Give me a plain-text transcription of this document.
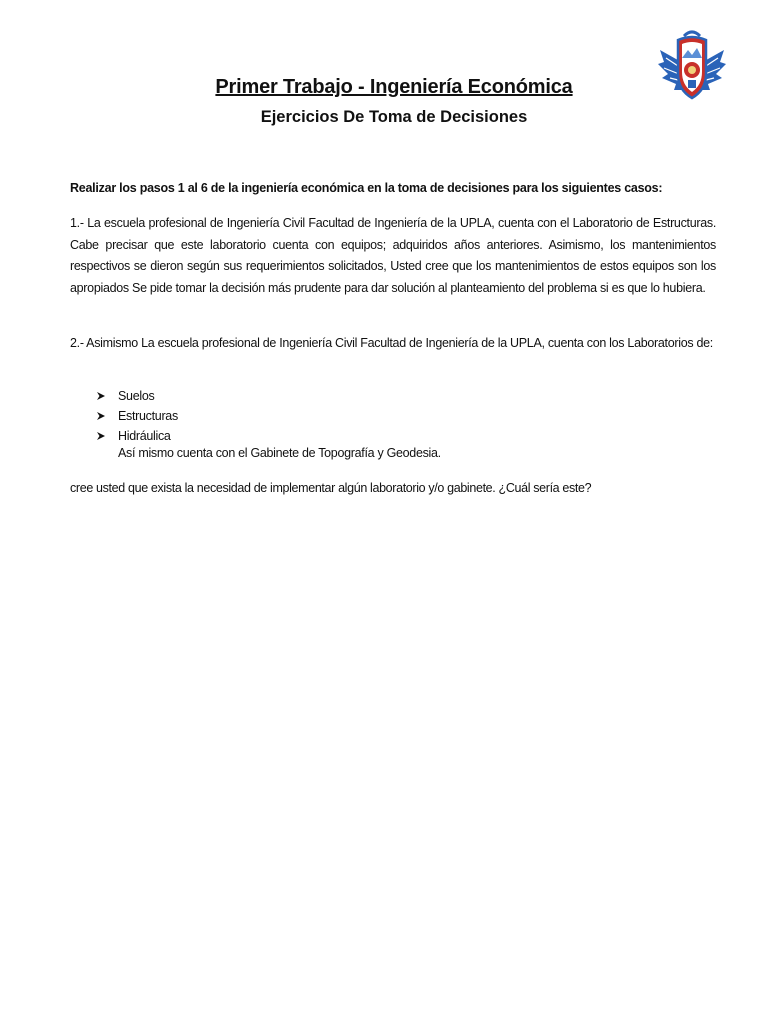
Primer Trabajo - Ingeniería Económica
Ejercicios De Toma de Decisiones
Realizar los pasos 1 al 6 de la ingeniería económica en la toma de decisiones para los siguientes casos:
1.- La escuela profesional de Ingeniería Civil Facultad de Ingeniería de la UPLA, cuenta con el Laboratorio de Estructuras. Cabe precisar que este laboratorio cuenta con equipos; adquiridos años anteriores. Asimismo, los mantenimientos respectivos se dieron según sus requerimientos solicitados, Usted cree que los mantenimientos de estos equipos son los apropiados Se pide tomar la decisión más prudente para dar solución al planteamiento del problema si es que lo hubiera.
2.- Asimismo La escuela profesional de Ingeniería Civil Facultad de Ingeniería de la UPLA, cuenta con los Laboratorios de:
Suelos
Estructuras
Hidráulica
Así mismo cuenta con el Gabinete de Topografía y Geodesia.
cree usted que exista la necesidad de implementar algún laboratorio y/o gabinete. ¿Cuál sería este?
